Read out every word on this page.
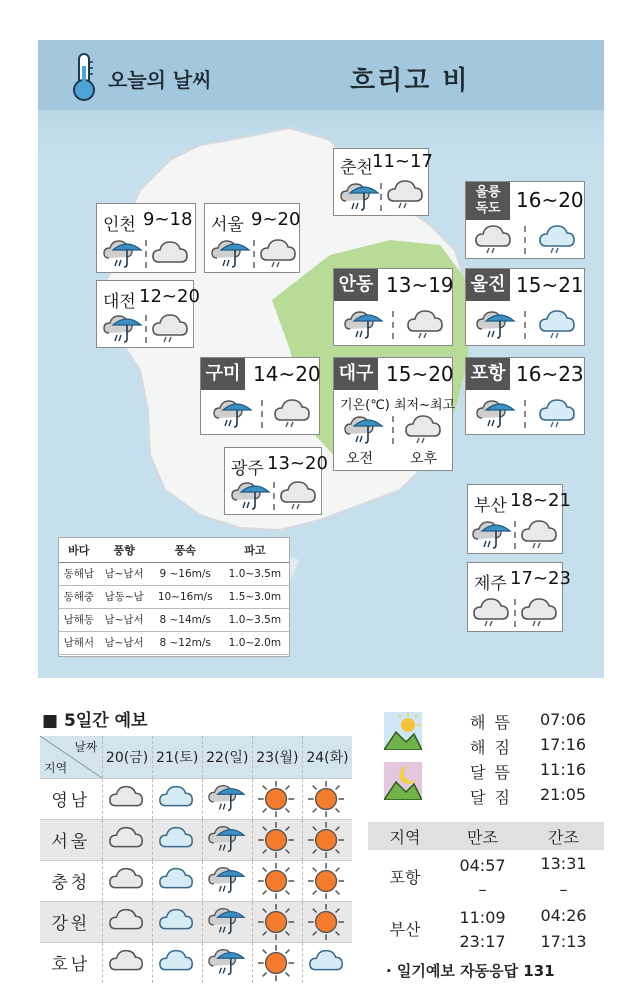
오늘의 날씨	흐리고 비
춘천 11~17
인천 9~18 서울 9~20
울릉
독도 16~20
대전 12~20
안동 13~19 울진 15~21
구미 14~20 대구 15~20
기온(℃) 최저~최고
오전	오후
포항 16~23
광주 13~20
부산 18~21
제주 17~23
바다	풍향	풍속	파고
동해남	남~남서	9 ~16m/s	1.0~3.5m
동해중	남동~남	10~16m/s	1.5~3.0m
남해동	남~남서	8 ~14m/s	1.0~3.5m
남해서	남~남서	8 ~12m/s	1.0~2.0m
■ 5일간 예보
날짜
지역	20(금)	21(토)	22(일)	23(월)	24(화)
영남					
서울					
충청					
강원					
호남					
해 뜸 07:06
해 짐 17:16
달 뜸 11:16
달 짐 21:05
지역	만조	간조
포항	04:57	13:31
	–	–
부산	11:09	04:26
	23:17	17:13
· 일기예보 자동응답 131
